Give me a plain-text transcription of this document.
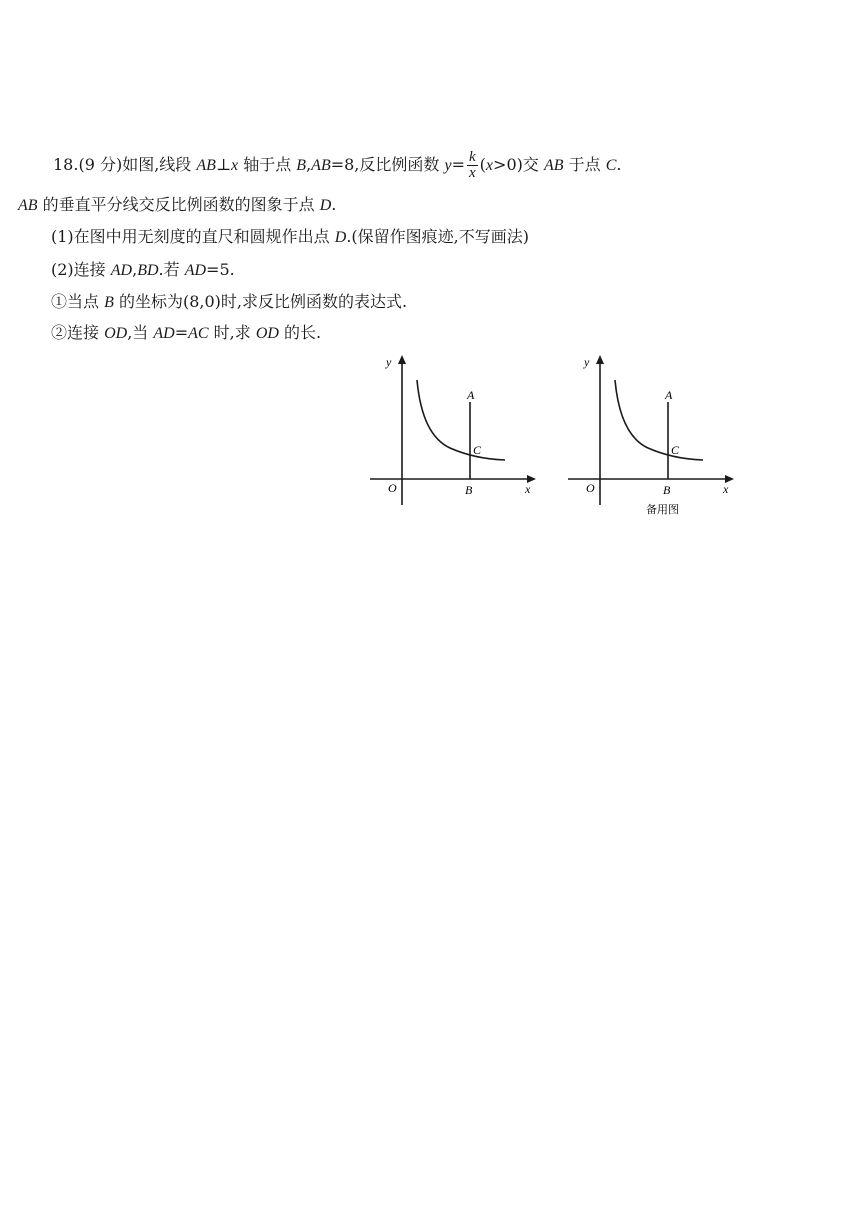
18.(9 分)如图,线段 AB⊥x 轴于点 B,AB=8,反比例函数 $y= \frac{k}{x} (x>0)$交 AB 于点 C.
AB 的垂直平分线交反比例函数的图象于点 D.
(1)在图中用无刻度的直尺和圆规作出点 D.(保留作图痕迹,不写画法)
(2)连接 AD,BD.若 AD=5.
①当点 B 的坐标为(8,0)时,求反比例函数的表达式.
②连接 OD,当 AD=AC 时,求 OD 的长.
y
O
A
C
B	x
y
O
A
C
B	x
备用图
